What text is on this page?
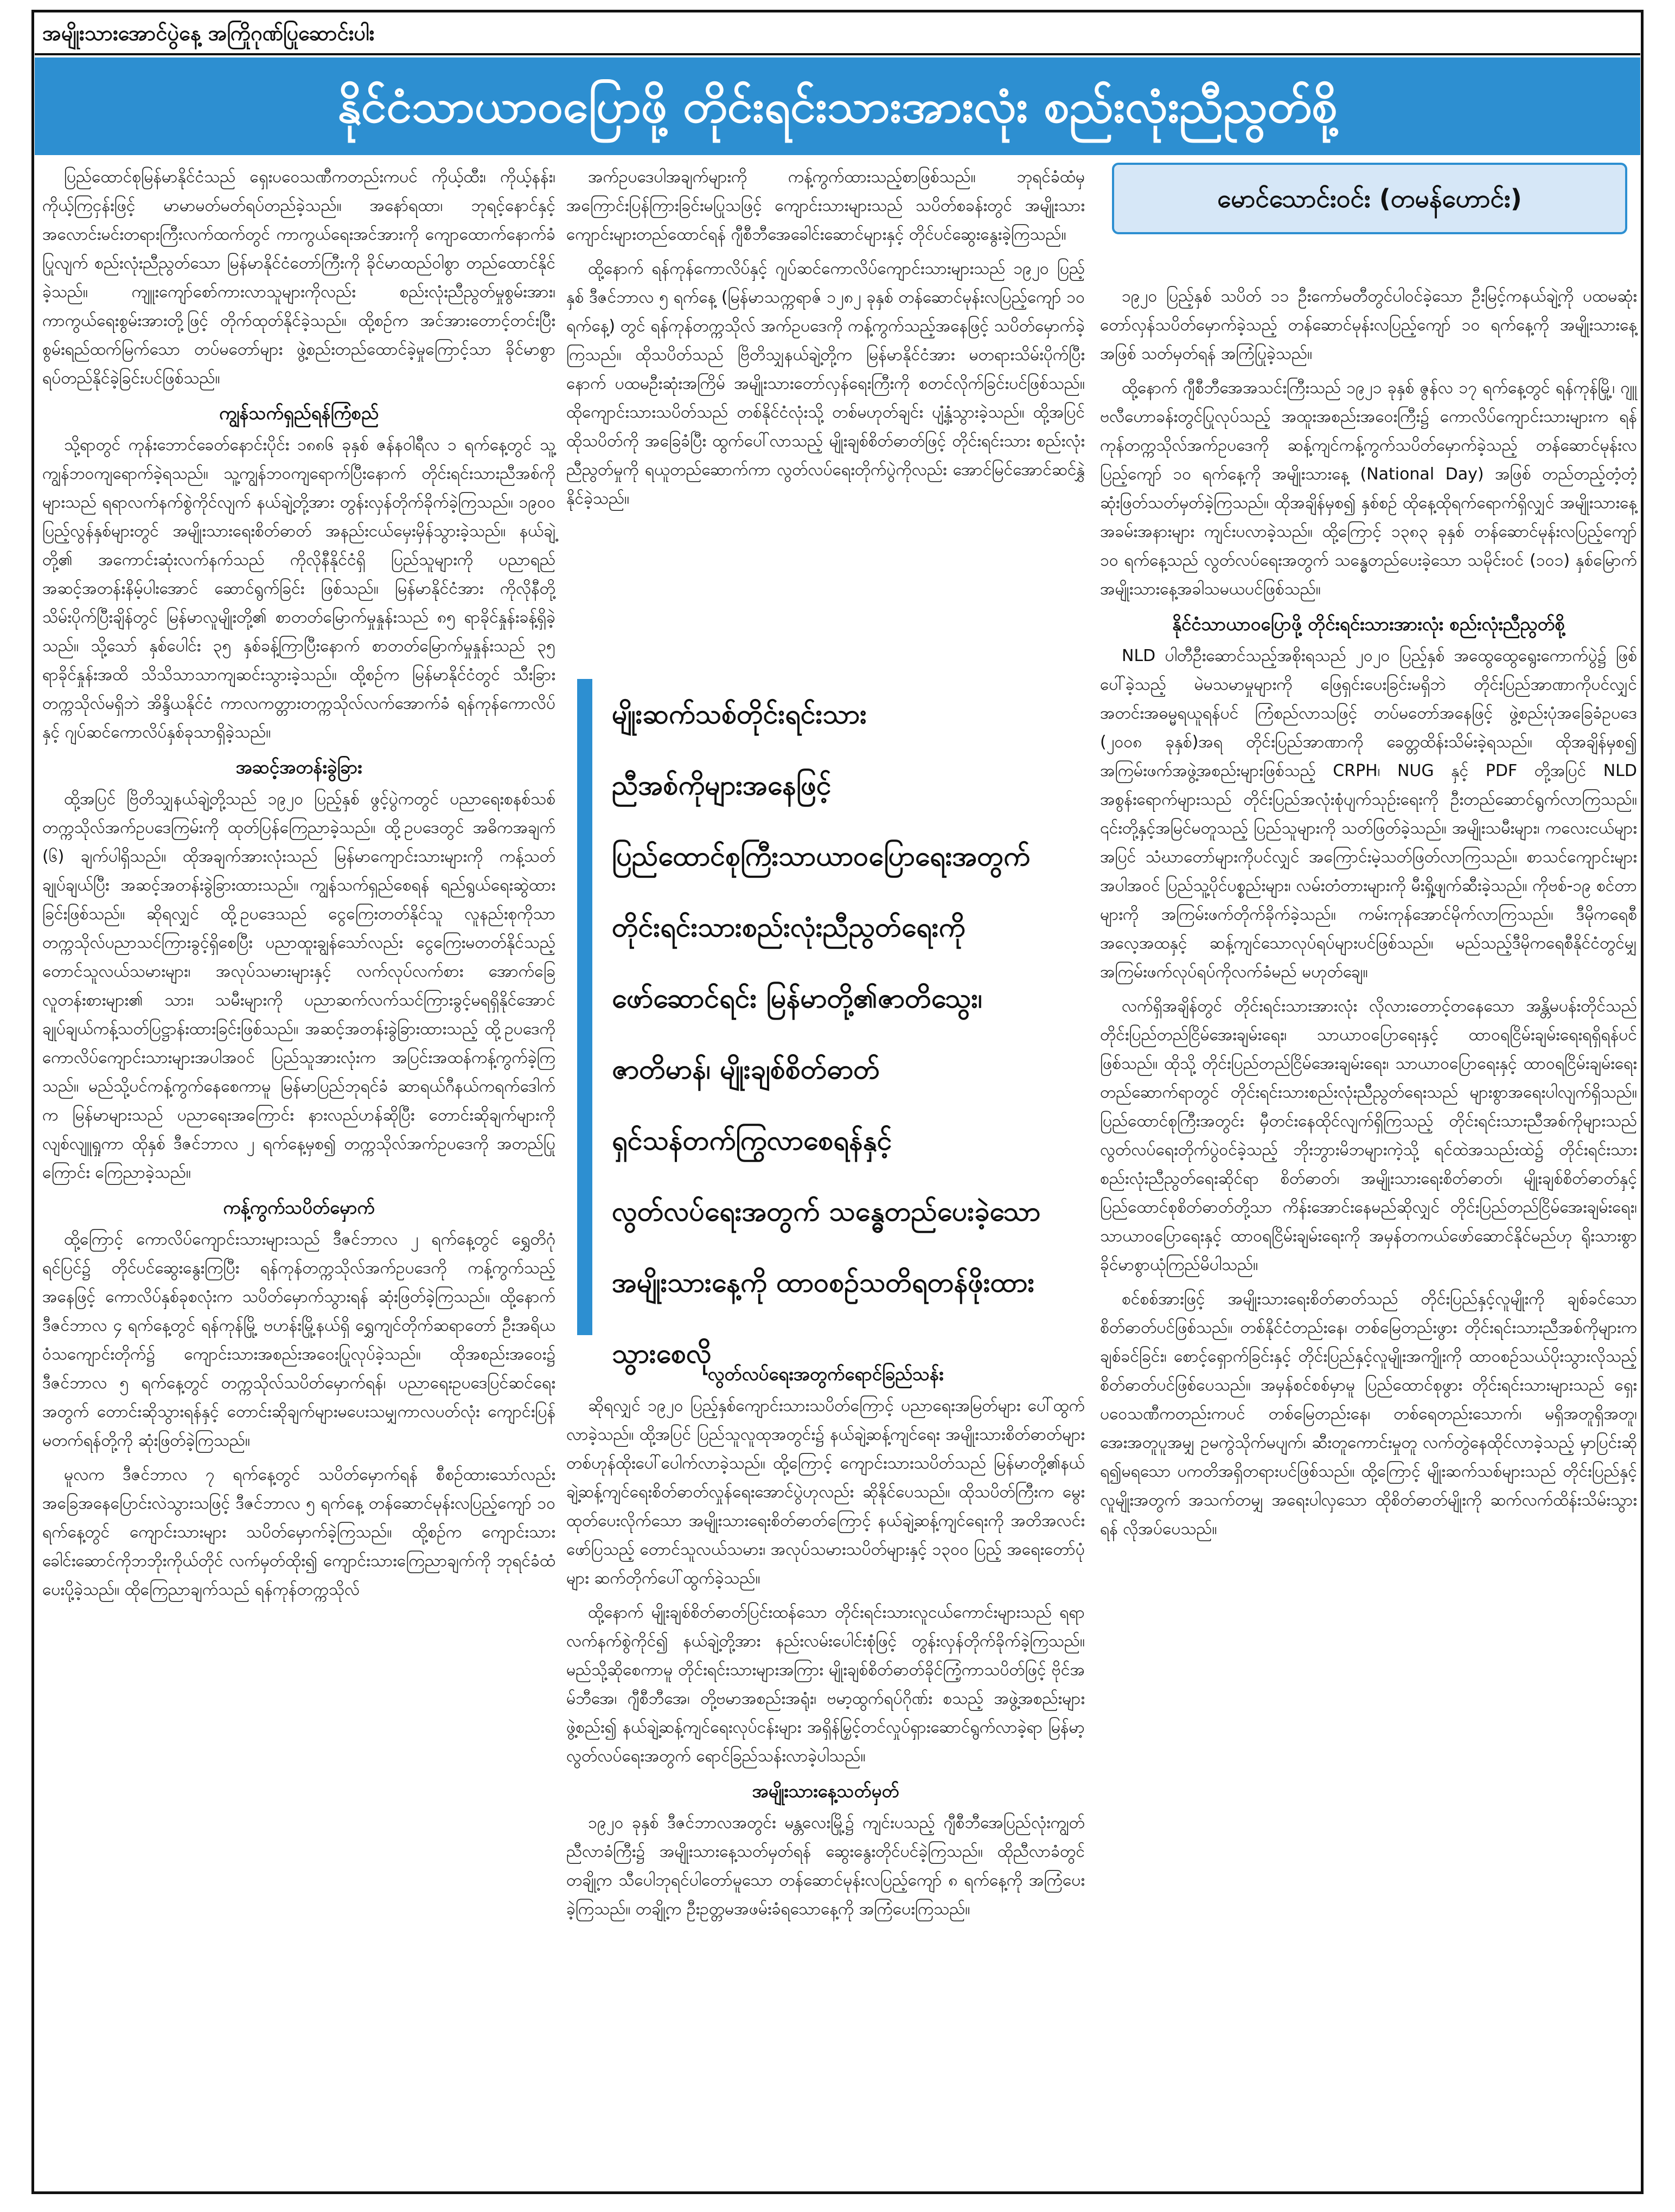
အမျိုးသားအောင်ပွဲနေ့ အကြိုဂုဏ်ပြုဆောင်းပါး
နိုင်ငံသာယာဝပြောဖို့ တိုင်းရင်းသားအားလုံး စည်းလုံးညီညွတ်စို့

ပြည်ထောင်စုမြန်မာနိုင်ငံသည် ရှေးပဝေသဏီကတည်းကပင် ကိုယ့်ထီး၊ ကိုယ့်နန်း၊ ကိုယ့်ကြငှန်းဖြင့် မာမာမတ်မတ်ရပ်တည်ခဲ့သည်။ အနော်ရထာ၊ ဘုရင့်နောင်နှင့် အလောင်းမင်းတရားကြီးလက်ထက်တွင် ကာကွယ်ရေးအင်အားကို ကျောထောက်နောက်ခံပြုလျက် စည်းလုံးညီညွတ်သော မြန်မာနိုင်ငံတော်ကြီးကို ခိုင်မာထည်ဝါစွာ တည်ထောင်နိုင်ခဲ့သည်။ ကျူးကျော်စော်ကားလာသူများကိုလည်း စည်းလုံးညီညွတ်မှုစွမ်းအား၊ ကာကွယ်ရေးစွမ်းအားတို့ဖြင့် တိုက်ထုတ်နိုင်ခဲ့သည်။ ထို့စဉ်က အင်အားတောင့်တင်းပြီး စွမ်းရည်ထက်မြက်သော တပ်မတော်များ ဖွဲ့စည်းတည်ထောင်ခဲ့မှုကြောင့်သာ ခိုင်မာစွာရပ်တည်နိုင်ခဲ့ခြင်းပင်ဖြစ်သည်။

ကျွန်သက်ရှည်ရန်ကြံစည်

သို့ရာတွင် ကုန်းဘောင်ခေတ်နောင်းပိုင်း ၁၈၈၆ ခုနှစ် ဇန်နဝါရီလ ၁ ရက်နေ့တွင် သူ့ကျွန်ဘဝကျရောက်ခဲ့ရသည်။ သူ့ကျွန်ဘဝကျရောက်ပြီးနောက် တိုင်းရင်းသားညီအစ်ကိုများသည် ရရာလက်နက်စွဲကိုင်လျက် နယ်ချဲ့တို့အား တွန်းလှန်တိုက်ခိုက်ခဲ့ကြသည်။ ၁၉၀၀ ပြည့်လွန်နှစ်များတွင် အမျိုးသားရေးစိတ်ဓာတ် အနည်းငယ်မှေးမှိန်သွားခဲ့သည်။ နယ်ချဲ့တို့၏ အကောင်းဆုံးလက်နက်သည် ကိုလိုနီနိုင်ငံရှိ ပြည်သူများကို ပညာရည်အဆင့်အတန်းနိမ့်ပါးအောင် ဆောင်ရွက်ခြင်း ဖြစ်သည်။ မြန်မာနိုင်ငံအား ကိုလိုနီတို့သိမ်းပိုက်ပြီးချိန်တွင် မြန်မာလူမျိုးတို့၏ စာတတ်မြောက်မှုနှုန်းသည် ၈၅ ရာခိုင်နှုန်းခန့်ရှိခဲ့သည်။ သို့သော် နှစ်ပေါင်း ၃၅ နှစ်ခန့်ကြာပြီးနောက် စာတတ်မြောက်မှုနှုန်းသည် ၃၅ ရာခိုင်နှုန်းအထိ သိသိသာသာကျဆင်းသွားခဲ့သည်။ ထို့စဉ်က မြန်မာနိုင်ငံတွင် သီးခြားတက္ကသိုလ်မရှိဘဲ အိန္ဒိယနိုင်ငံ ကာလကတ္တားတက္ကသိုလ်လက်အောက်ခံ ရန်ကုန်ကောလိပ်နှင့် ဂျပ်ဆင်ကောလိပ်နှစ်ခုသာရှိခဲ့သည်။

အဆင့်အတန်းခွဲခြား

ထို့အပြင် ဗြိတိသျှနယ်ချဲ့တို့သည် ၁၉၂၀ ပြည့်နှစ် ဖွင့်ပွဲကတွင် ပညာရေးစနစ်သစ် တက္ကသိုလ်အက်ဥပဒေကြမ်းကို ထုတ်ပြန်ကြေညာခဲ့သည်။ ထို့ဥပဒေတွင် အဓိကအချက် (၆) ချက်ပါရှိသည်။ ထိုအချက်အားလုံးသည် မြန်မာကျောင်းသားများကို ကန့်သတ်ချုပ်ချယ်ပြီး အဆင့်အတန်းခွဲခြားထားသည်။ ကျွန်သက်ရှည်စေရန် ရည်ရွယ်ရေးဆွဲထားခြင်းဖြစ်သည်။ ဆိုရလျှင် ထို့ဥပဒေသည် ငွေကြေးတတ်နိုင်သူ လူနည်းစုကိုသာ တက္ကသိုလ်ပညာသင်ကြားခွင့်ရှိစေပြီး ပညာထူးချွန်သော်လည်း ငွေကြေးမတတ်နိုင်သည့် တောင်သူလယ်သမားများ၊ အလုပ်သမားများနှင့် လက်လုပ်လက်စား အောက်ခြေလူတန်းစားများ၏ သား၊ သမီးများကို ပညာဆက်လက်သင်ကြားခွင့်မရရှိနိုင်အောင် ချုပ်ချယ်ကန့်သတ်ပြဋ္ဌာန်းထားခြင်းဖြစ်သည်။ အဆင့်အတန်းခွဲခြားထားသည့် ထို့ဥပဒေကို ကောလိပ်ကျောင်းသားများအပါအဝင် ပြည်သူအားလုံးက အပြင်းအထန်ကန့်ကွက်ခဲ့ကြသည်။ မည်သို့ပင်ကန့်ကွက်နေစေကာမူ မြန်မာပြည်ဘုရင်ခံ ဆာရယ်ဂီနယ်ကရက်ဒေါက်က မြန်မာများသည် ပညာရေးအကြောင်း နားလည်ဟန်ဆိုပြီး တောင်းဆိုချက်များကို လျစ်လျူရှုကာ ထိုနှစ် ဒီဇင်ဘာလ ၂ ရက်နေ့မှစ၍ တက္ကသိုလ်အက်ဥပဒေကို အတည်ပြုကြောင်း ကြေညာခဲ့သည်။

ကန့်ကွက်သပိတ်မှောက်

ထို့ကြောင့် ကောလိပ်ကျောင်းသားများသည် ဒီဇင်ဘာလ ၂ ရက်နေ့တွင် ရွှေတိဂုံရင်ပြင်၌ တိုင်ပင်ဆွေးနွေးကြပြီး ရန်ကုန်တက္ကသိုလ်အက်ဥပဒေကို ကန့်ကွက်သည့်အနေဖြင့် ကောလိပ်နှစ်ခုစလုံးက သပိတ်မှောက်သွားရန် ဆုံးဖြတ်ခဲ့ကြသည်။ ထို့နောက် ဒီဇင်ဘာလ ၄ ရက်နေ့တွင် ရန်ကုန်မြို့ ဗဟန်းမြို့နယ်ရှိ ရွှေကျင်တိုက်ဆရာတော် ဦးအရိယဝံသကျောင်းတိုက်၌ ကျောင်းသားအစည်းအဝေးပြုလုပ်ခဲ့သည်။ ထိုအစည်းအဝေး၌ ဒီဇင်ဘာလ ၅ ရက်နေ့တွင် တက္ကသိုလ်သပိတ်မှောက်ရန်၊ ပညာရေးဥပဒေပြင်ဆင်ရေးအတွက် တောင်းဆိုသွားရန်နှင့် တောင်းဆိုချက်များမပေးသမျှကာလပတ်လုံး ကျောင်းပြန်မတက်ရန်တို့ကို ဆုံးဖြတ်ခဲ့ကြသည်။

မူလက ဒီဇင်ဘာလ ၇ ရက်နေ့တွင် သပိတ်မှောက်ရန် စီစဉ်ထားသော်လည်း အခြေအနေပြောင်းလဲသွားသဖြင့် ဒီဇင်ဘာလ ၅ ရက်နေ့ တန်ဆောင်မုန်းလပြည့်ကျော် ၁၀ ရက်နေ့တွင် ကျောင်းသားများ သပိတ်မှောက်ခဲ့ကြသည်။ ထို့စဉ်က ကျောင်းသားခေါင်းဆောင်ကိုဘဘိုးကိုယ်တိုင် လက်မှတ်ထိုး၍ ကျောင်းသားကြေညာချက်ကို ဘုရင်ခံထံ ပေးပို့ခဲ့သည်။ ထိုကြေညာချက်သည် ရန်ကုန်တက္ကသိုလ်

အက်ဥပဒေပါအချက်များကို ကန့်ကွက်ထားသည့်စာဖြစ်သည်။ ဘုရင်ခံထံမှ အကြောင်းပြန်ကြားခြင်းမပြုသဖြင့် ကျောင်းသားများသည် သပိတ်စခန်းတွင် အမျိုးသားကျောင်းများတည်ထောင်ရန် ဂျီစီဘီအေခေါင်းဆောင်များနှင့် တိုင်ပင်ဆွေးနွေးခဲ့ကြသည်။

ထို့နောက် ရန်ကုန်ကောလိပ်နှင့် ဂျပ်ဆင်ကောလိပ်ကျောင်းသားများသည် ၁၉၂၀ ပြည့်နှစ် ဒီဇင်ဘာလ ၅ ရက်နေ့ (မြန်မာသက္ကရာဇ် ၁၂၈၂ ခုနှစ် တန်ဆောင်မုန်းလပြည့်ကျော် ၁၀ ရက်နေ့) တွင် ရန်ကုန်တက္ကသိုလ် အက်ဥပဒေကို ကန့်ကွက်သည့်အနေဖြင့် သပိတ်မှောက်ခဲ့ကြသည်။ ထိုသပိတ်သည် ဗြိတိသျှနယ်ချဲ့တို့က မြန်မာနိုင်ငံအား မတရားသိမ်းပိုက်ပြီးနောက် ပထမဦးဆုံးအကြိမ် အမျိုးသားတော်လှန်ရေးကြီးကို စတင်လိုက်ခြင်းပင်ဖြစ်သည်။ ထိုကျောင်းသားသပိတ်သည် တစ်နိုင်ငံလုံးသို့ တစ်မဟုတ်ချင်း ပျံ့နှံ့သွားခဲ့သည်။ ထို့အပြင် ထိုသပိတ်ကို အခြေခံပြီး ထွက်ပေါ်လာသည့် မျိုးချစ်စိတ်ဓာတ်ဖြင့် တိုင်းရင်းသား စည်းလုံးညီညွတ်မှုကို ရယူတည်ဆောက်ကာ လွတ်လပ်ရေးတိုက်ပွဲကိုလည်း အောင်မြင်အောင်ဆင်နွှဲနိုင်ခဲ့သည်။

မျိုးဆက်သစ်တိုင်းရင်းသား
ညီအစ်ကိုများအနေဖြင့်
ပြည်ထောင်စုကြီးသာယာဝပြောရေးအတွက်
တိုင်းရင်းသားစည်းလုံးညီညွတ်ရေးကို
ဖော်ဆောင်ရင်း မြန်မာတို့၏ဇာတိသွေး၊
ဇာတိမာန်၊ မျိုးချစ်စိတ်ဓာတ်
ရှင်သန်တက်ကြွလာစေရန်နှင့်
လွတ်လပ်ရေးအတွက် သန္ဓေတည်ပေးခဲ့သော
အမျိုးသားနေ့ကို ထာဝစဉ်သတိရတန်ဖိုးထား
သွားစေလို
လွတ်လပ်ရေးအတွက်ရောင်ခြည်သန်း

ဆိုရလျှင် ၁၉၂၀ ပြည့်နှစ်ကျောင်းသားသပိတ်ကြောင့် ပညာရေးအမြတ်များ ပေါ်ထွက်လာခဲ့သည်။ ထို့အပြင် ပြည်သူလူထုအတွင်း၌ နယ်ချဲ့ဆန့်ကျင်ရေး အမျိုးသားစိတ်ဓာတ်များ တစ်ဟုန်ထိုးပေါ်ပေါက်လာခဲ့သည်။ ထို့ကြောင့် ကျောင်းသားသပိတ်သည် မြန်မာတို့၏နယ်ချဲ့ဆန့်ကျင်ရေးစိတ်ဓာတ်လှုန်ရေးအောင်ပွဲဟုလည်း ဆိုနိုင်ပေသည်။ ထိုသပိတ်ကြီးက မွေးထုတ်ပေးလိုက်သော အမျိုးသားရေးစိတ်ဓာတ်ကြောင့် နယ်ချဲ့ဆန့်ကျင်ရေးကို အတိအလင်းဖော်ပြသည့် တောင်သူလယ်သမား၊ အလုပ်သမားသပိတ်များနှင့် ၁၃၀၀ ပြည့် အရေးတော်ပုံများ ဆက်တိုက်ပေါ်ထွက်ခဲ့သည်။

ထို့နောက် မျိုးချစ်စိတ်ဓာတ်ပြင်းထန်သော တိုင်းရင်းသားလူငယ်ကောင်းများသည် ရရာလက်နက်စွဲကိုင်၍ နယ်ချဲ့တို့အား နည်းလမ်းပေါင်းစုံဖြင့် တွန်းလှန်တိုက်ခိုက်ခဲ့ကြသည်။ မည်သို့ဆိုစေကာမူ တိုင်းရင်းသားများအကြား မျိုးချစ်စိတ်ဓာတ်ခိုင်ကြံ့ကာသပိတ်ဖြင့် ဗိုင်အမ်ဘီအေ၊ ဂျီစီဘီအေ၊ တို့ဗမာအစည်းအရုံး၊ ဗမာ့ထွက်ရပ်ဂိုဏ်း စသည့် အဖွဲ့အစည်းများဖွဲ့စည်း၍ နယ်ချဲ့ဆန့်ကျင်ရေးလုပ်ငန်းများ အရှိန်မြှင့်တင်လှုပ်ရှားဆောင်ရွက်လာခဲ့ရာ မြန်မာ့လွတ်လပ်ရေးအတွက် ရောင်ခြည်သန်းလာခဲ့ပါသည်။

အမျိုးသားနေ့သတ်မှတ်

၁၉၂၀ ခုနှစ် ဒီဇင်ဘာလအတွင်း မန္တလေးမြို့၌ ကျင်းပသည့် ဂျီစီဘီအေပြည်လုံးကျွတ်ညီလာခံကြီး၌ အမျိုးသားနေ့သတ်မှတ်ရန် ဆွေးနွေးတိုင်ပင်ခဲ့ကြသည်။ ထိုညီလာခံတွင် တချို့က သီပေါဘုရင်ပါတော်မူသော တန်ဆောင်မုန်းလပြည့်ကျော် ၈ ရက်နေ့ကို အကြံပေးခဲ့ကြသည်။ တချို့က ဦးဥတ္တမအဖမ်းခံရသောနေ့ကို အကြံပေးကြသည်။

မောင်သောင်းဝင်း (တမန်ဟောင်း)

၁၉၂၀ ပြည့်နှစ် သပိတ် ၁၁ ဦးကော်မတီတွင်ပါဝင်ခဲ့သော ဦးမြင့်ကနယ်ချဲ့ကို ပထမဆုံးတော်လှန်သပိတ်မှောက်ခဲ့သည့် တန်ဆောင်မုန်းလပြည့်ကျော် ၁၀ ရက်နေ့ကို အမျိုးသားနေ့အဖြစ် သတ်မှတ်ရန် အကြံပြုခဲ့သည်။

ထို့နောက် ဂျီစီဘီအေအသင်းကြီးသည် ၁၉၂၁ ခုနှစ် ဇွန်လ ၁၇ ရက်နေ့တွင် ရန်ကုန်မြို့၊ ဂျူဗလီဟောခန်းတွင်ပြုလုပ်သည့် အထူးအစည်းအဝေးကြီး၌ ကောလိပ်ကျောင်းသားများက ရန်ကုန်တက္ကသိုလ်အက်ဥပဒေကို ဆန့်ကျင်ကန့်ကွက်သပိတ်မှောက်ခဲ့သည့် တန်ဆောင်မုန်းလပြည့်ကျော် ၁၀ ရက်နေ့ကို အမျိုးသားနေ့ (National Day) အဖြစ် တည်တည့်တံ့တံ့ ဆုံးဖြတ်သတ်မှတ်ခဲ့ကြသည်။ ထိုအချိန်မှစ၍ နှစ်စဉ် ထိုနေ့ထိုရက်ရောက်ရှိလျှင် အမျိုးသားနေ့အခမ်းအနားများ ကျင်းပလာခဲ့သည်။ ထို့ကြောင့် ၁၃၈၃ ခုနှစ် တန်ဆောင်မုန်းလပြည့်ကျော် ၁၀ ရက်နေ့သည် လွတ်လပ်ရေးအတွက် သန္ဓေတည်ပေးခဲ့သော သမိုင်းဝင် (၁၀၁) နှစ်မြောက် အမျိုးသားနေ့အခါသမယပင်ဖြစ်သည်။

နိုင်ငံသာယာဝပြောဖို့ တိုင်းရင်းသားအားလုံး စည်းလုံးညီညွတ်စို့

NLD ပါတီဦးဆောင်သည့်အစိုးရသည် ၂၀၂၀ ပြည့်နှစ် အထွေထွေရွေးကောက်ပွဲ၌ ဖြစ်ပေါ်ခဲ့သည့် မဲမသမာမှုများကို ဖြေရှင်းပေးခြင်းမရှိဘဲ တိုင်းပြည်အာဏာကိုပင်လျှင် အတင်းအဓမ္မရယူရန်ပင် ကြံစည်လာသဖြင့် တပ်မတော်အနေဖြင့် ဖွဲ့စည်းပုံအခြေခံဥပဒေ (၂၀၀၈ ခုနှစ်)အရ တိုင်းပြည်အာဏာကို ခေတ္တထိန်းသိမ်းခဲ့ရသည်။ ထိုအချိန်မှစ၍ အကြမ်းဖက်အဖွဲ့အစည်းများဖြစ်သည့် CRPH၊ NUG နှင့် PDF တို့အပြင် NLD အစွန်းရောက်များသည် တိုင်းပြည်အလုံးစုံပျက်သုဉ်းရေးကို ဦးတည်ဆောင်ရွက်လာကြသည်။ ၎င်းတို့နှင့်အမြင်မတူသည့် ပြည်သူများကို သတ်ဖြတ်ခဲ့သည်။ အမျိုးသမီးများ၊ ကလေးငယ်များအပြင် သံဃာတော်များကိုပင်လျှင် အကြောင်းမဲ့သတ်ဖြတ်လာကြသည်။ စာသင်ကျောင်းများအပါအဝင် ပြည်သူ့ပိုင်ပစ္စည်းများ၊ လမ်းတံတားများကို မီးရှို့ဖျက်ဆီးခဲ့သည်။ ကိုဗစ်-၁၉ စင်တာများကို အကြမ်းဖက်တိုက်ခိုက်ခဲ့သည်။ ကမ်းကုန်အောင်မိုက်လာကြသည်။ ဒီမိုကရေစီအလေ့အထနှင့် ဆန့်ကျင်သောလုပ်ရပ်များပင်ဖြစ်သည်။ မည်သည့်ဒီမိုကရေစီနိုင်ငံတွင်မျှ အကြမ်းဖက်လုပ်ရပ်ကိုလက်ခံမည် မဟုတ်ချေ။

လက်ရှိအချိန်တွင် တိုင်းရင်းသားအားလုံး လိုလားတောင့်တနေသော အန္တိမပန်းတိုင်သည် တိုင်းပြည်တည်ငြိမ်အေးချမ်းရေး၊ သာယာဝပြောရေးနှင့် ထာဝရငြိမ်းချမ်းရေးရရှိရန်ပင်ဖြစ်သည်။ ထိုသို့ တိုင်းပြည်တည်ငြိမ်အေးချမ်းရေး၊ သာယာဝပြောရေးနှင့် ထာဝရငြိမ်းချမ်းရေးတည်ဆောက်ရာတွင် တိုင်းရင်းသားစည်းလုံးညီညွတ်ရေးသည် များစွာအရေးပါလျက်ရှိသည်။ ပြည်ထောင်စုကြီးအတွင်း မှီတင်းနေထိုင်လျက်ရှိကြသည့် တိုင်းရင်းသားညီအစ်ကိုများသည် လွတ်လပ်ရေးတိုက်ပွဲဝင်ခဲ့သည့် ဘိုးဘွားမိဘများကဲ့သို့ ရင်ထဲအသည်းထဲ၌ တိုင်းရင်းသားစည်းလုံးညီညွတ်ရေးဆိုင်ရာ စိတ်ဓာတ်၊ အမျိုးသားရေးစိတ်ဓာတ်၊ မျိုးချစ်စိတ်ဓာတ်နှင့် ပြည်ထောင်စုစိတ်ဓာတ်တို့သာ ကိန်းအောင်းနေမည်ဆိုလျှင် တိုင်းပြည်တည်ငြိမ်အေးချမ်းရေး၊ သာယာဝပြောရေးနှင့် ထာဝရငြိမ်းချမ်းရေးကို အမှန်တကယ်ဖော်ဆောင်နိုင်မည်ဟု ရိုးသားစွာခိုင်မာစွာယုံကြည်မိပါသည်။

စင်စစ်အားဖြင့် အမျိုးသားရေးစိတ်ဓာတ်သည် တိုင်းပြည်နှင့်လူမျိုးကို ချစ်ခင်သောစိတ်ဓာတ်ပင်ဖြစ်သည်။ တစ်နိုင်ငံတည်းနေ၊ တစ်မြေတည်းဖွား တိုင်းရင်းသားညီအစ်ကိုများက ချစ်ခင်ခြင်း၊ စောင့်ရှောက်ခြင်းနှင့် တိုင်းပြည်နှင့်လူမျိုးအကျိုးကို ထာဝစဉ်သယ်ပိုးသွားလိုသည့်စိတ်ဓာတ်ပင်ဖြစ်ပေသည်။ အမှန်စင်စစ်မှာမူ ပြည်ထောင်စုဖွား တိုင်းရင်းသားများသည် ရှေးပဝေသဏီကတည်းကပင် တစ်မြေတည်းနေ၊ တစ်ရေတည်းသောက်၊ မရှိအတူရှိအတူ၊ အေးအတူပူအမျှ ဥမကွဲသိုက်မပျက်၊ ဆီးတူကောင်းမှုတူ လက်တွဲနေထိုင်လာခဲ့သည့် မှာပြင်းဆိုရ၍မရသော ပကတိအရှိတရားပင်ဖြစ်သည်။ ထို့ကြောင့် မျိုးဆက်သစ်များသည် တိုင်းပြည်နှင့်လူမျိုးအတွက် အသက်တမျှ အရေးပါလှသော ထိုစိတ်ဓာတ်မျိုးကို ဆက်လက်ထိန်းသိမ်းသွားရန် လိုအပ်ပေသည်။
